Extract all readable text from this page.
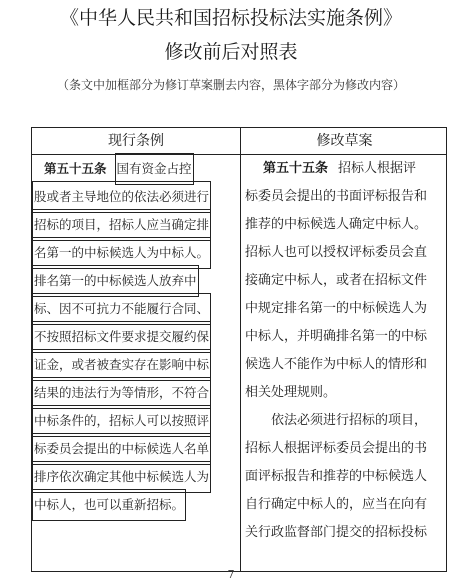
《中华人民共和国招标投标法实施条例》
修改前后对照表
（条文中加框部分为修订草案删去内容，黑体字部分为修改内容）
现行条例	修改草案
第五十五条 国有资金占控
股或者主导地位的依法必须进行
招标的项目，招标人应当确定排
名第一的中标候选人为中标人。
排名第一的中标候选人放弃中
标、因不可抗力不能履行合同、
不按照招标文件要求提交履约保
证金，或者被查实存在影响中标
结果的违法行为等情形，不符合
中标条件的，招标人可以按照评
标委员会提出的中标候选人名单
排序依次确定其他中标候选人为
中标人，也可以重新招标。
第五十五条 招标人根据评
标委员会提出的书面评标报告和
推荐的中标候选人确定中标人。
招标人也可以授权评标委员会直
接确定中标人，或者在招标文件
中规定排名第一的中标候选人为
中标人，并明确排名第一的中标
候选人不能作为中标人的情形和
相关处理规则。
依法必须进行招标的项目，
招标人根据评标委员会提出的书
面评标报告和推荐的中标候选人
自行确定中标人的，应当在向有
关行政监督部门提交的招标投标
7
